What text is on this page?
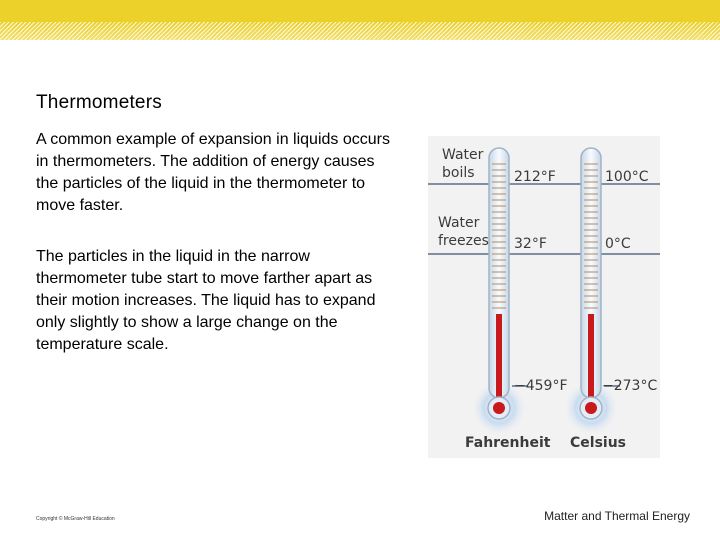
Thermometers

A common example of expansion in liquids occurs in thermometers. The addition of energy causes the particles of the liquid in the thermometer to move faster.

The particles in the liquid in the narrow thermometer tube start to move farther apart as their motion increases. The liquid has to expand only slightly to show a large change on the temperature scale.

Water
boils
Water
freezes
212°F	100°C
32°F	0°C
−459°F −273°C
Fahrenheit Celsius
Copyright © McGraw-Hill Education	Matter and Thermal Energy
